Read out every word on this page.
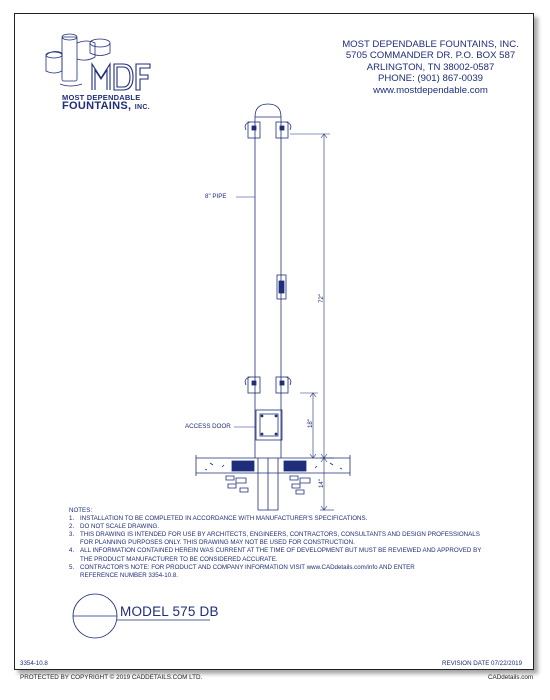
MOST DEPENDABLE FOUNTAINS, INC.
5705 COMMANDER DR. P.O. BOX 587
ARLINGTON, TN 38002-0587
PHONE: (901) 867-0039
www.mostdependable.com
MOST DEPENDABLE
FOUNTAINS, INC.
8" PIPE
ACCESS DOOR
72"
18"
14"
NOTES:
1. INSTALLATION TO BE COMPLETED IN ACCORDANCE WITH MANUFACTURER'S SPECIFICATIONS.
2. DO NOT SCALE DRAWING.
3. THIS DRAWING IS INTENDED FOR USE BY ARCHITECTS, ENGINEERS, CONTRACTORS, CONSULTANTS AND DESIGN PROFESSIONALS
FOR PLANNING PURPOSES ONLY. THIS DRAWING MAY NOT BE USED FOR CONSTRUCTION.
4. ALL INFORMATION CONTAINED HEREIN WAS CURRENT AT THE TIME OF DEVELOPMENT BUT MUST BE REVIEWED AND APPROVED BY
THE PRODUCT MANUFACTURER TO BE CONSIDERED ACCURATE.
5. CONTRACTOR'S NOTE: FOR PRODUCT AND COMPANY INFORMATION VISIT www.CADdetails.com/info AND ENTER
REFERENCE NUMBER 3354-10.8.
MODEL 575 DB
3354-10.8	REVISION DATE 07/22/2019
PROTECTED BY COPYRIGHT © 2019 CADDETAILS.COM LTD.	CADdetails.com
